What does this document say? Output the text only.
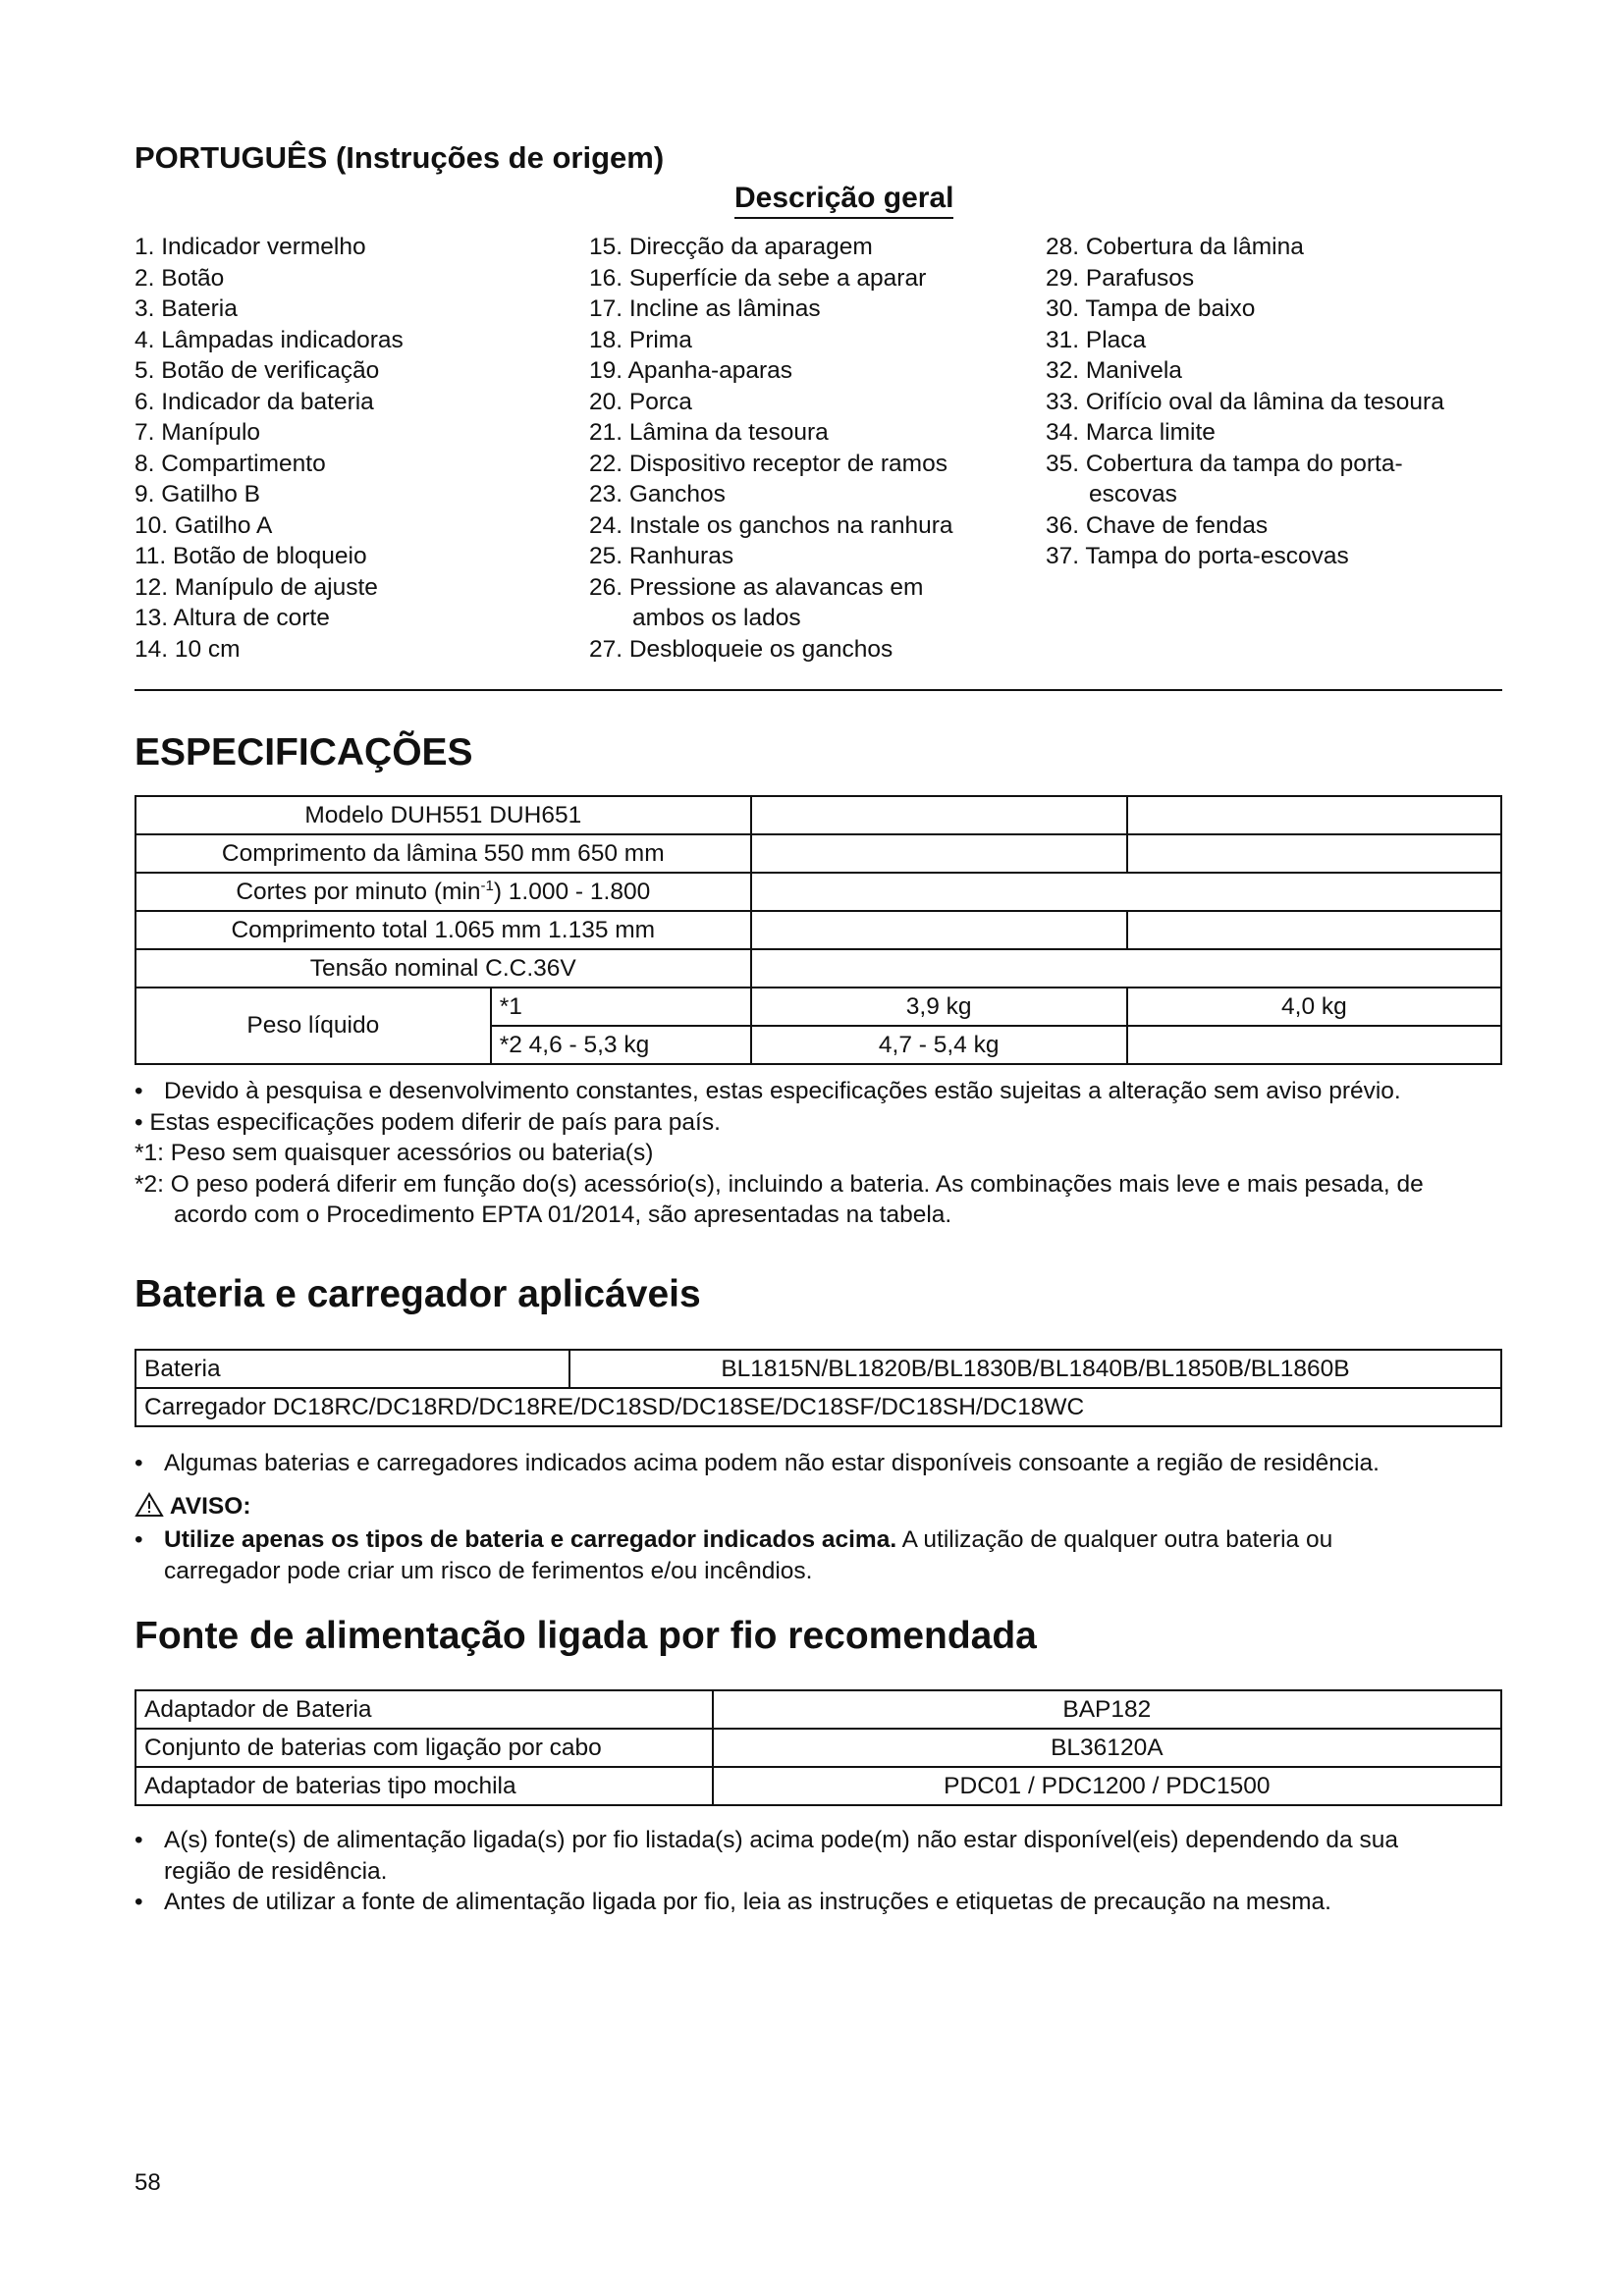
PORTUGUÊS (Instruções de origem)
Descrição geral
1. Indicador vermelho
2. Botão
3. Bateria
4. Lâmpadas indicadoras
5. Botão de verificação
6. Indicador da bateria
7. Manípulo
8. Compartimento
9. Gatilho B
10. Gatilho A
11. Botão de bloqueio
12. Manípulo de ajuste
13. Altura de corte
14. 10 cm
15. Direcção da aparagem
16. Superfície da sebe a aparar
17. Incline as lâminas
18. Prima
19. Apanha-aparas
20. Porca
21. Lâmina da tesoura
22. Dispositivo receptor de ramos
23. Ganchos
24. Instale os ganchos na ranhura
25. Ranhuras
26. Pressione as alavancas em
ambos os lados
27. Desbloqueie os ganchos
28. Cobertura da lâmina
29. Parafusos
30. Tampa de baixo
31. Placa
32. Manivela
33. Orifício oval da lâmina da tesoura
34. Marca limite
35. Cobertura da tampa do porta-
escovas
36. Chave de fendas
37. Tampa do porta-escovas
ESPECIFICAÇÕES
Modelo DUH551 DUH651			
Comprimento da lâmina 550 mm 650 mm			
Cortes por minuto $(\min^{-1})$ 1.000 - 1.800			
Comprimento total 1.065 mm 1.135 mm			
Tensão nominal C.C.36V			
Peso líquido	*1	3,9 kg	4,0 kg
	*2 4,6 - 5,3 kg	4,7 - 5,4 kg	
• Devido à pesquisa e desenvolvimento constantes, estas especificações estão sujeitas a alteração sem aviso prévio.
• Estas especificações podem diferir de país para país.
*1: Peso sem quaisquer acessórios ou bateria(s)
*2: O peso poderá diferir em função do(s) acessório(s), incluindo a bateria. As combinações mais leve e mais pesada, de
acordo com o Procedimento EPTA 01/2014, são apresentadas na tabela.
Bateria e carregador aplicáveis
Bateria	BL1815N/BL1820B/BL1830B/BL1840B/BL1850B/BL1860B
Carregador DC18RC/DC18RD/DC18RE/DC18SD/DC18SE/DC18SF/DC18SH/DC18WC
• Algumas baterias e carregadores indicados acima podem não estar disponíveis consoante a região de residência.
AVISO:
• Utilize apenas os tipos de bateria e carregador indicados acima. A utilização de qualquer outra bateria ou
carregador pode criar um risco de ferimentos e/ou incêndios.
Fonte de alimentação ligada por fio recomendada
Adaptador de Bateria	BAP182
Conjunto de baterias com ligação por cabo	BL36120A
Adaptador de baterias tipo mochila	PDC01 / PDC1200 / PDC1500
• A(s) fonte(s) de alimentação ligada(s) por fio listada(s) acima pode(m) não estar disponível(eis) dependendo da sua
região de residência.
• Antes de utilizar a fonte de alimentação ligada por fio, leia as instruções e etiquetas de precaução na mesma.
58
